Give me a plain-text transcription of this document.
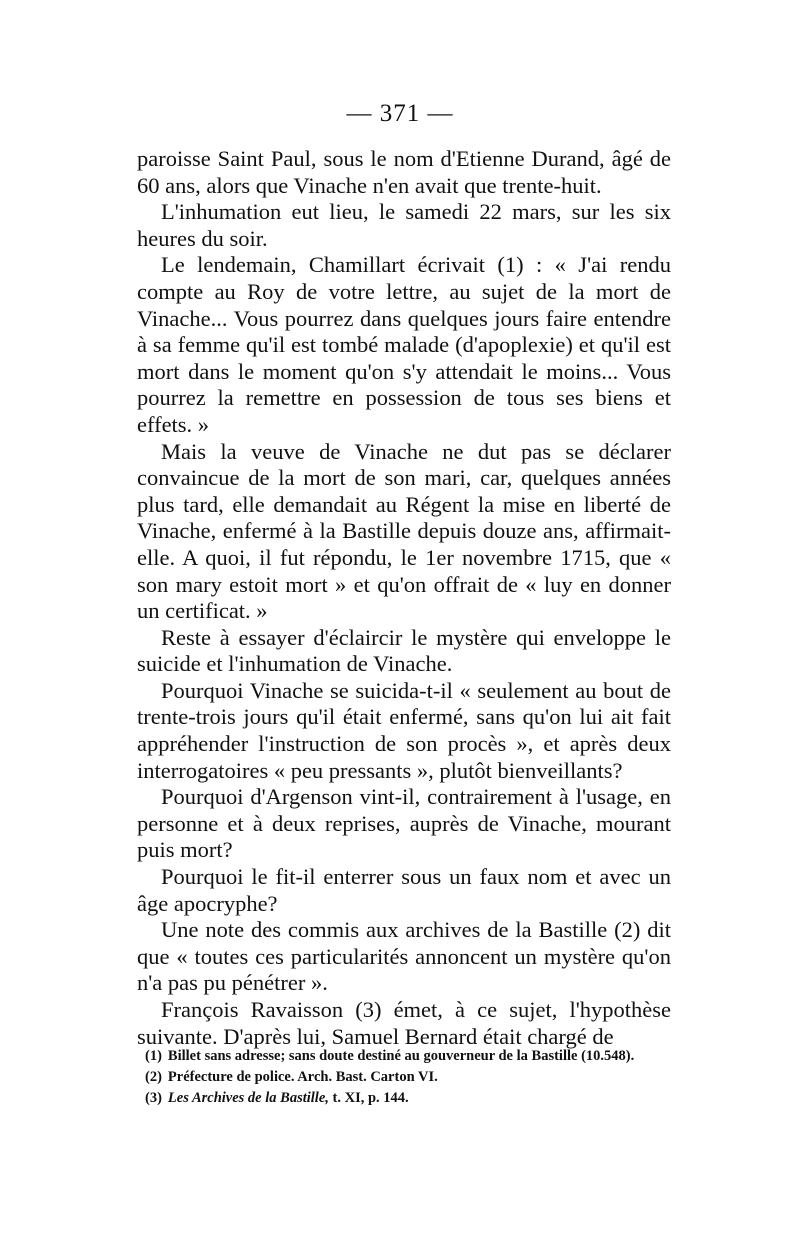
— 371 —

paroisse Saint Paul, sous le nom d'Etienne Durand, âgé de 60 ans, alors que Vinache n'en avait que trente-huit.

L'inhumation eut lieu, le samedi 22 mars, sur les six heures du soir.

Le lendemain, Chamillart écrivait (1) : « J'ai rendu compte au Roy de votre lettre, au sujet de la mort de Vinache... Vous pourrez dans quelques jours faire entendre à sa femme qu'il est tombé malade (d'apoplexie) et qu'il est mort dans le moment qu'on s'y attendait le moins... Vous pourrez la remettre en possession de tous ses biens et effets. »

Mais la veuve de Vinache ne dut pas se déclarer convaincue de la mort de son mari, car, quelques années plus tard, elle demandait au Régent la mise en liberté de Vinache, enfermé à la Bastille depuis douze ans, affirmait-elle. A quoi, il fut répondu, le 1er novembre 1715, que « son mary estoit mort » et qu'on offrait de « luy en donner un certificat. »

Reste à essayer d'éclaircir le mystère qui enveloppe le suicide et l'inhumation de Vinache.

Pourquoi Vinache se suicida-t-il « seulement au bout de trente-trois jours qu'il était enfermé, sans qu'on lui ait fait appréhender l'instruction de son procès », et après deux interrogatoires « peu pressants », plutôt bienveillants?

Pourquoi d'Argenson vint-il, contrairement à l'usage, en personne et à deux reprises, auprès de Vinache, mourant puis mort?

Pourquoi le fit-il enterrer sous un faux nom et avec un âge apocryphe?

Une note des commis aux archives de la Bastille (2) dit que « toutes ces particularités annoncent un mystère qu'on n'a pas pu pénétrer ».

François Ravaisson (3) émet, à ce sujet, l'hypothèse suivante. D'après lui, Samuel Bernard était chargé de

(1) Billet sans adresse; sans doute destiné au gouverneur de la Bastille (10.548).

(2) Préfecture de police. Arch. Bast. Carton VI.

(3) Les Archives de la Bastille, t. XI, p. 144.
